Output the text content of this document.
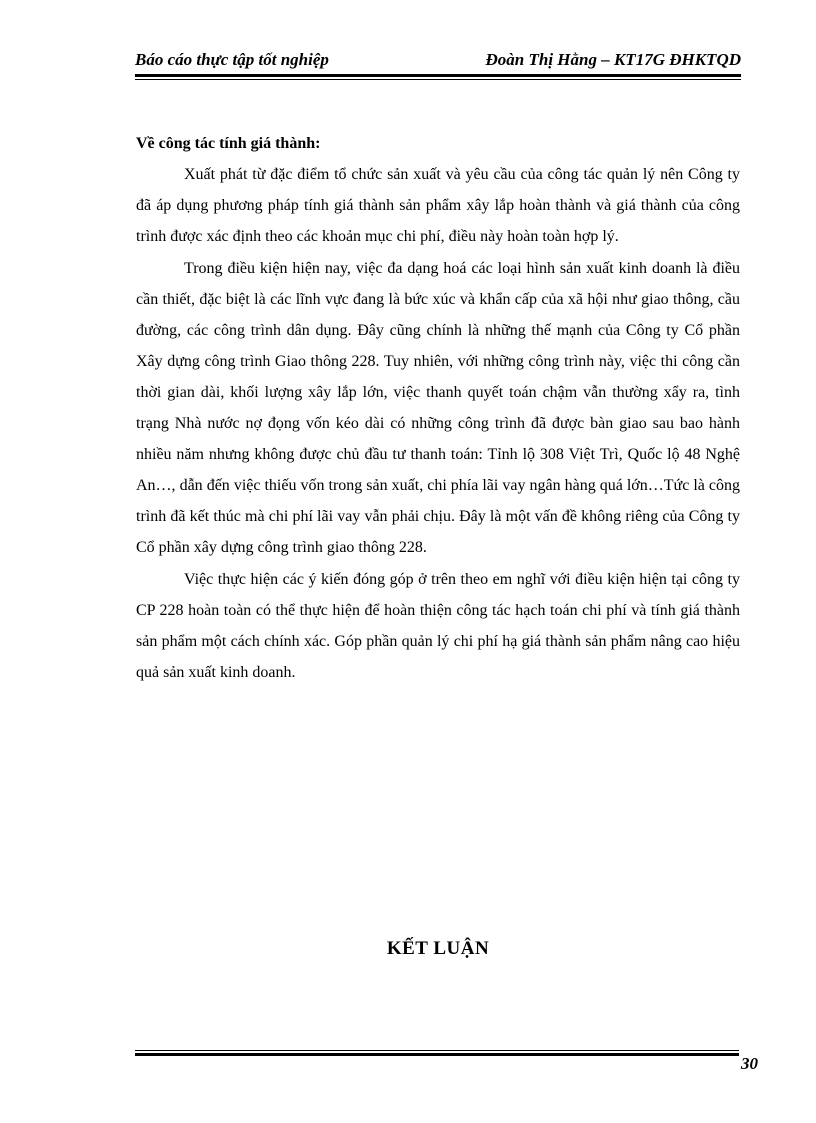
Báo cáo thực tập tốt nghiệp	Đoàn Thị Hằng – KT17G ĐHKTQD
Về công tác tính giá thành:

Xuất phát từ đặc điểm tổ chức sản xuất và yêu cầu của công tác quản lý nên Công ty đã áp dụng phương pháp tính giá thành sản phẩm xây lắp hoàn thành và giá thành của công trình được xác định theo các khoản mục chi phí, điều này hoàn toàn hợp lý.

Trong điều kiện hiện nay, việc đa dạng hoá các loại hình sản xuất kinh doanh là điều cần thiết, đặc biệt là các lĩnh vực đang là bức xúc và khẩn cấp của xã hội như giao thông, cầu đường, các công trình dân dụng. Đây cũng chính là những thế mạnh của Công ty Cổ phần Xây dựng công trình Giao thông 228. Tuy nhiên, với những công trình này, việc thi công cần thời gian dài, khối lượng xây lắp lớn, việc thanh quyết toán chậm vẫn thường xẩy ra, tình trạng Nhà nước nợ đọng vốn kéo dài có những công trình đã được bàn giao sau bao hành nhiều năm nhưng không được chủ đầu tư thanh toán: Tỉnh lộ 308 Việt Trì, Quốc lộ 48 Nghệ An…, dẫn đến việc thiếu vốn trong sản xuất, chi phía lãi vay ngân hàng quá lớn…Tức là công trình đã kết thúc mà chi phí lãi vay vẫn phải chịu. Đây là một vấn đề không riêng của Công ty Cổ phần xây dựng công trình giao thông 228.

Việc thực hiện các ý kiến đóng góp ở trên theo em nghĩ với điều kiện hiện tại công ty CP 228 hoàn toàn có thể thực hiện để hoàn thiện công tác hạch toán chi phí và tính giá thành sản phẩm một cách chính xác. Góp phần quản lý chi phí hạ giá thành sản phẩm nâng cao hiệu quả sản xuất kinh doanh.

KẾT LUẬN
30
